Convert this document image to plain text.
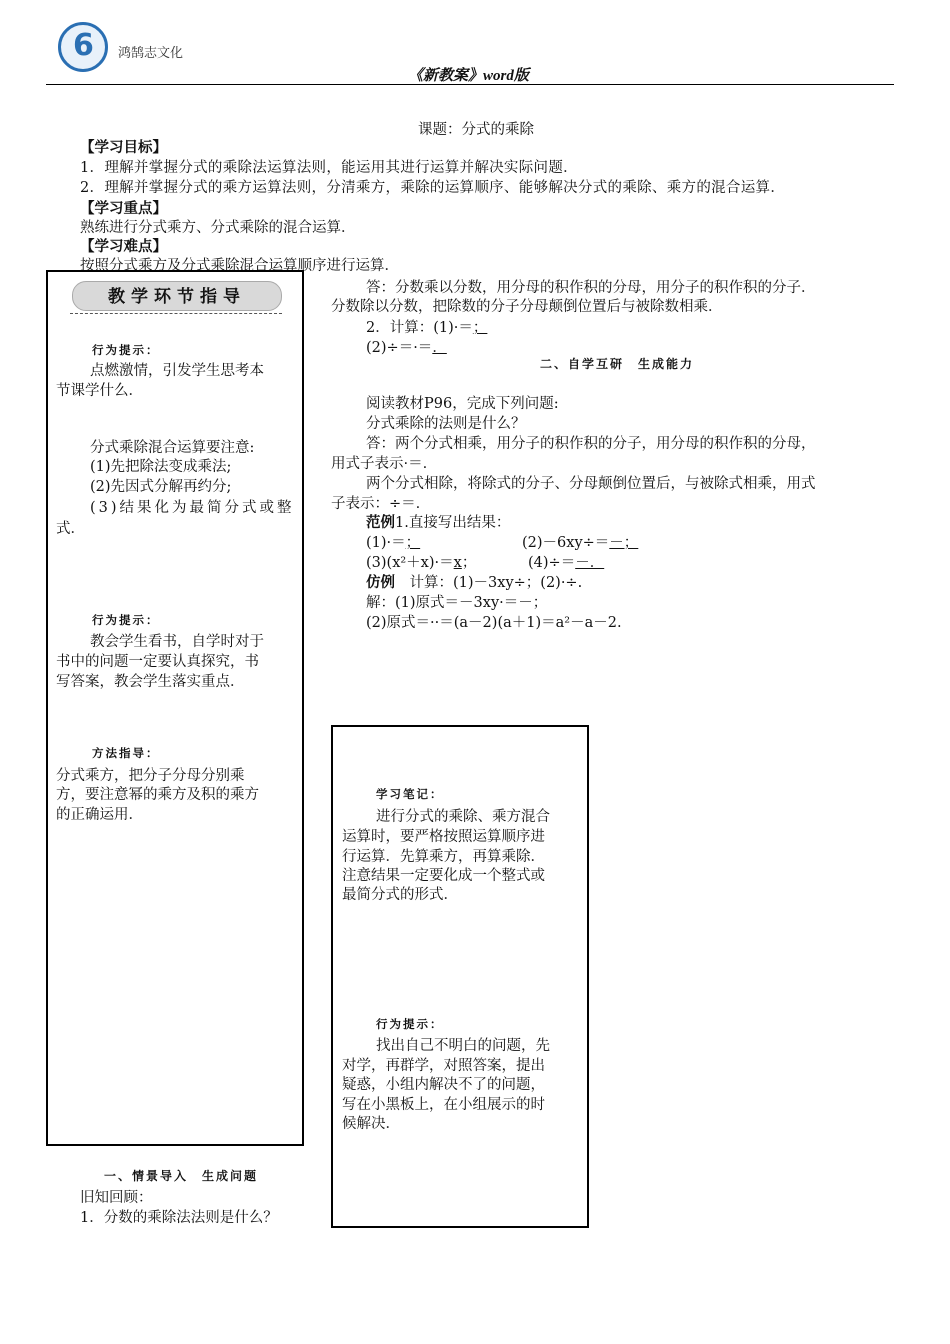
6 鸿鹄志文化
《新教案》word版
课题：分式的乘除
【学习目标】
1．理解并掌握分式的乘除法运算法则，能运用其进行运算并解决实际问题．
2．理解并掌握分式的乘方运算法则，分清乘方，乘除的运算顺序、能够解决分式的乘除、乘方的混合运算．
【学习重点】
熟练进行分式乘方、分式乘除的混合运算．
【学习难点】
按照分式乘方及分式乘除混合运算顺序进行运算．
教学环节指导
行为提示：
点燃激情，引发学生思考本
节课学什么．
分式乘除混合运算要注意:
(1)先把除法变成乘法;
(2)先因式分解再约分;
(3)结果化为最简分式或整
式．
行为提示：
教会学生看书，自学时对于
书中的问题一定要认真探究，书
写答案，教会学生落实重点．
方法指导：
分式乘方，把分子分母分别乘
方，要注意幂的乘方及积的乘方
的正确运用．
一、情景导入　生成问题
旧知回顾：
1．分数的乘除法法则是什么？
答：分数乘以分数，用分母的积作积的分母，用分子的积作积的分子．
分数除以分数，把除数的分子分母颠倒位置后与被除数相乘．
2．计算：(1)·＝；
(2)÷＝·＝．
二、自学互研　生成能力
阅读教材P96，完成下列问题:
分式乘除的法则是什么？
答：两个分式相乘，用分子的积作积的分子，用分母的积作积的分母，
用式子表示·＝.
两个分式相除，将除式的分子、分母颠倒位置后，与被除式相乘，用式
子表示：÷＝.
范例1.直接写出结果：
(1)·＝；	(2)－6xy÷＝－；
(3)(x²＋x)·＝x；	(4)÷＝－．
仿例　 计算：(1)－3xy÷；(2)·÷.
解：(1)原式＝－3xy·＝－；
(2)原式＝··＝(a－2)(a＋1)＝a²－a－2.
学习笔记：
进行分式的乘除、乘方混合
运算时，要严格按照运算顺序进
行运算．先算乘方，再算乘除．
注意结果一定要化成一个整式或
最简分式的形式．
行为提示：
找出自己不明白的问题，先
对学，再群学，对照答案，提出
疑惑，小组内解决不了的问题，
写在小黑板上，在小组展示的时
候解决．
